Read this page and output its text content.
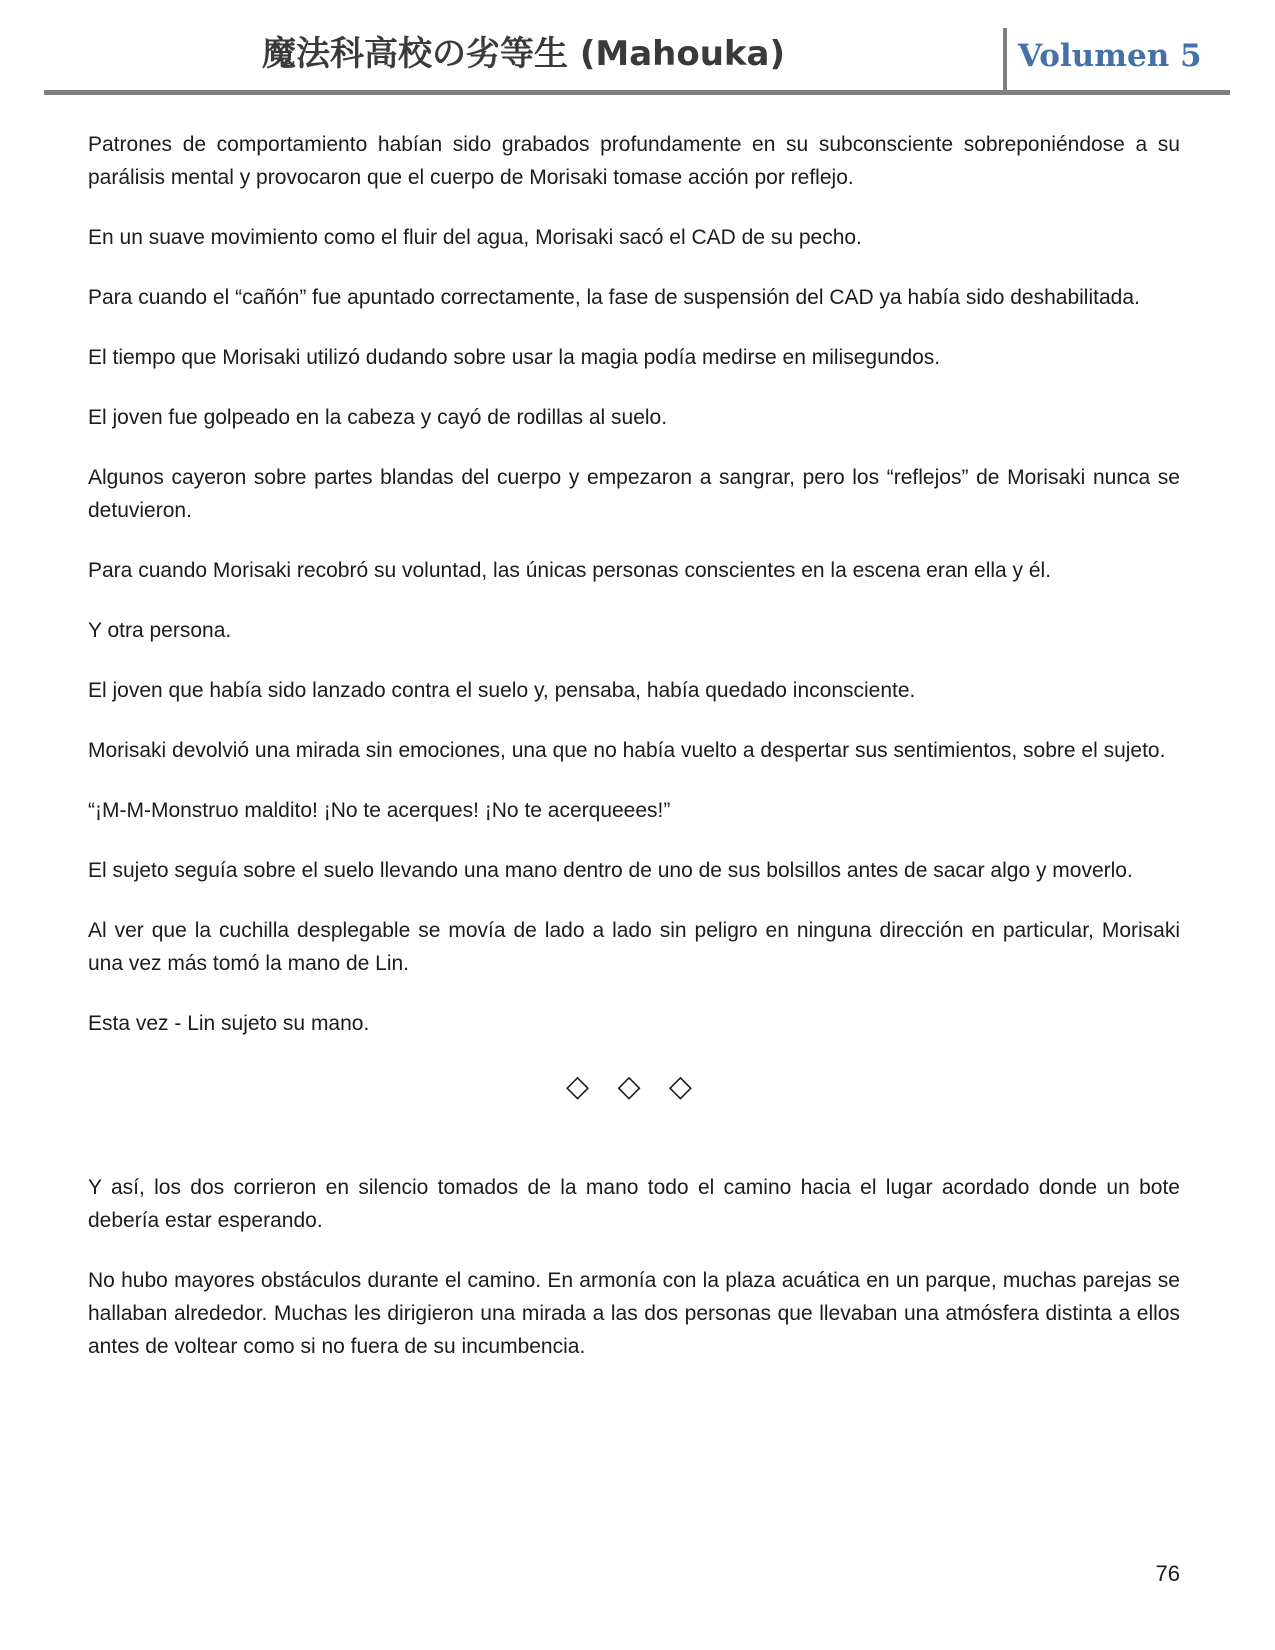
魔法科高校の劣等生 (Mahouka)	Volumen 5

Patrones de comportamiento habían sido grabados profundamente en su subconsciente sobreponiéndose a su parálisis mental y provocaron que el cuerpo de Morisaki tomase acción por reflejo.

En un suave movimiento como el fluir del agua, Morisaki sacó el CAD de su pecho.

Para cuando el “cañón” fue apuntado correctamente, la fase de suspensión del CAD ya había sido deshabilitada.

El tiempo que Morisaki utilizó dudando sobre usar la magia podía medirse en milisegundos.

El joven fue golpeado en la cabeza y cayó de rodillas al suelo.

Algunos cayeron sobre partes blandas del cuerpo y empezaron a sangrar, pero los “reflejos” de Morisaki nunca se detuvieron.

Para cuando Morisaki recobró su voluntad, las únicas personas conscientes en la escena eran ella y él.

Y otra persona.

El joven que había sido lanzado contra el suelo y, pensaba, había quedado inconsciente.

Morisaki devolvió una mirada sin emociones, una que no había vuelto a despertar sus sentimientos, sobre el sujeto.

“¡M-M-Monstruo maldito! ¡No te acerques! ¡No te acerqueees!”

El sujeto seguía sobre el suelo llevando una mano dentro de uno de sus bolsillos antes de sacar algo y moverlo.

Al ver que la cuchilla desplegable se movía de lado a lado sin peligro en ninguna dirección en particular, Morisaki una vez más tomó la mano de Lin.

Esta vez - Lin sujeto su mano.

◇ ◇ ◇

Y así, los dos corrieron en silencio tomados de la mano todo el camino hacia el lugar acordado donde un bote debería estar esperando.

No hubo mayores obstáculos durante el camino. En armonía con la plaza acuática en un parque, muchas parejas se hallaban alrededor. Muchas les dirigieron una mirada a las dos personas que llevaban una atmósfera distinta a ellos antes de voltear como si no fuera de su incumbencia.

76
